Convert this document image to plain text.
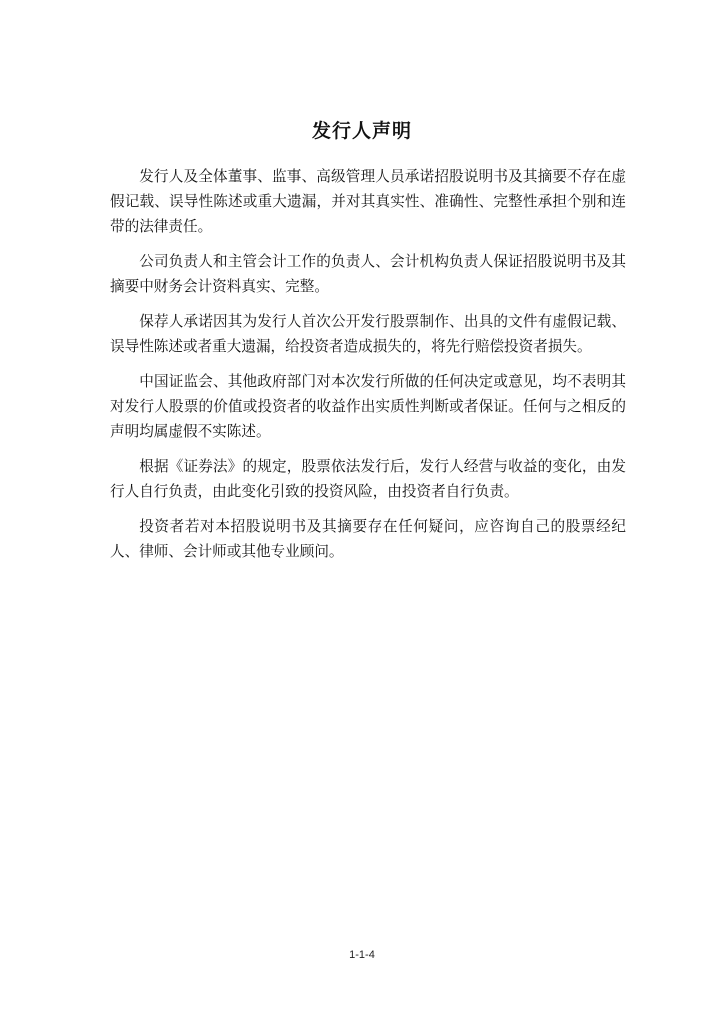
发行人声明

发行人及全体董事、监事、高级管理人员承诺招股说明书及其摘要不存在虚假记载、误导性陈述或重大遗漏，并对其真实性、准确性、完整性承担个别和连带的法律责任。

公司负责人和主管会计工作的负责人、会计机构负责人保证招股说明书及其摘要中财务会计资料真实、完整。

保荐人承诺因其为发行人首次公开发行股票制作、出具的文件有虚假记载、误导性陈述或者重大遗漏，给投资者造成损失的，将先行赔偿投资者损失。

中国证监会、其他政府部门对本次发行所做的任何决定或意见，均不表明其对发行人股票的价值或投资者的收益作出实质性判断或者保证。任何与之相反的声明均属虚假不实陈述。

根据《证券法》的规定，股票依法发行后，发行人经营与收益的变化，由发行人自行负责，由此变化引致的投资风险，由投资者自行负责。

投资者若对本招股说明书及其摘要存在任何疑问，应咨询自己的股票经纪人、律师、会计师或其他专业顾问。

1-1-4
